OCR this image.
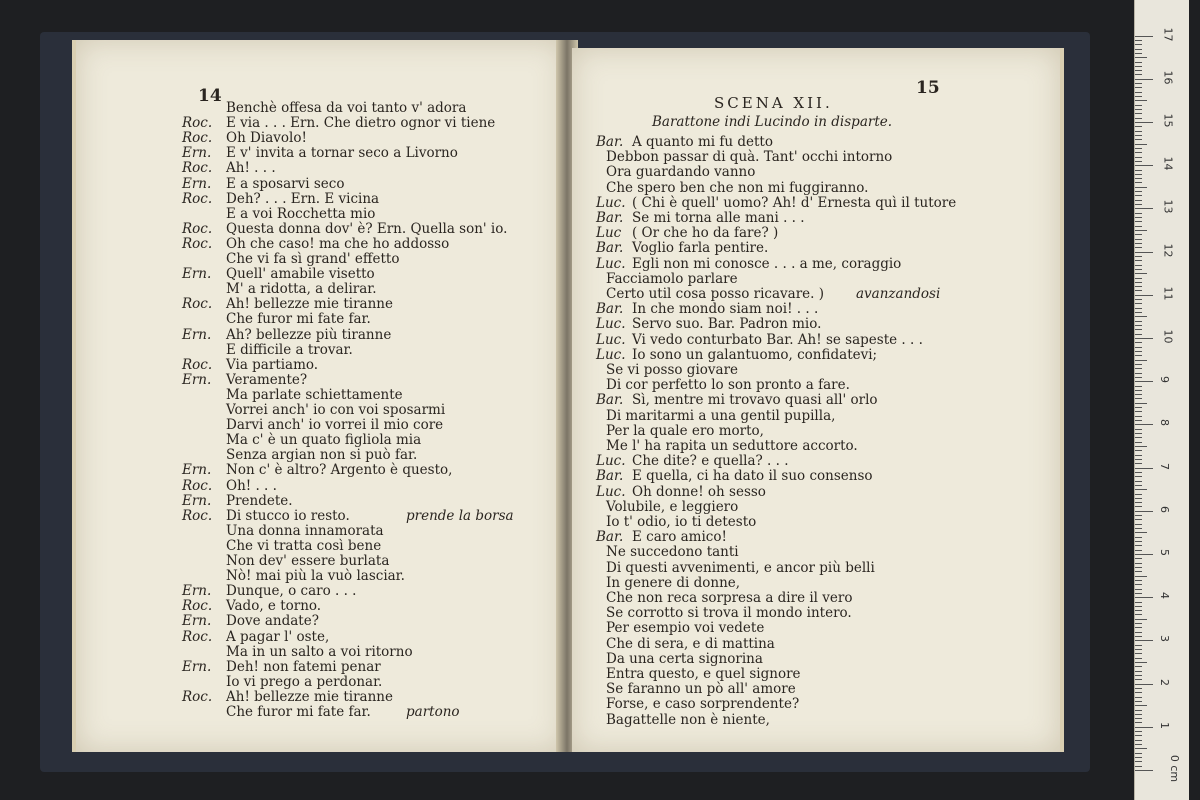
14
Benchè offesa da voi tanto v' adora
Roc. E via . . . Ern. Che dietro ognor vi tiene
Roc. Oh Diavolo!
Ern. E v' invita a tornar seco a Livorno
Roc. Ah! . . .
Ern. E a sposarvi seco
Roc. Deh? . . . Ern. E vicina
E a voi Rocchetta mio
Roc. Questa donna dov' è? Ern. Quella son' io.
Roc. Oh che caso! ma che ho addosso
Che vi fa sì grand' effetto
Ern. Quell' amabile visetto
M' a ridotta, a delirar.
Roc. Ah! bellezze mie tiranne
Che furor mi fate far.
Ern. Ah? bellezze più tiranne
E difficile a trovar.
Roc. Via partiamo.
Ern. Veramente?
Ma parlate schiettamente
Vorrei anch' io con voi sposarmi
Darvi anch' io vorrei il mio core
Ma c' è un quato figliola mia
Senza argian non si può far.
Ern. Non c' è altro? Argento è questo,
Roc. Oh! . . .
Ern. Prendete.
Roc. Di stucco io resto.	prende la borsa
Una donna innamorata
Che vi tratta così bene
Non dev' essere burlata
Nò! mai più la vuò lasciar.
Ern. Dunque, o caro . . .
Roc. Vado, e torno.
Ern. Dove andate?
Roc. A pagar l' oste,
Ma in un salto a voi ritorno
Ern. Deh! non fatemi penar
Io vi prego a perdonar.
Roc. Ah! bellezze mie tiranne
Che furor mi fate far.	partono
15
SCENA XII.
Barattone indi Lucindo in disparte.
Bar. A quanto mi fu detto
Debbon passar di quà. Tant' occhi intorno
Ora guardando vanno
Che spero ben che non mi fuggiranno.
Luc. ( Chi è quell' uomo? Ah! d' Ernesta quì il tutore
Bar. Se mi torna alle mani . . .
Luc ( Or che ho da fare? )
Bar. Voglio farla pentire.
Luc. Egli non mi conosce . . . a me, coraggio
Facciamolo parlare
Certo util cosa posso ricavare. ) avanzandosi
Bar. In che mondo siam noi! . . .
Luc. Servo suo. Bar. Padron mio.
Luc. Vi vedo conturbato Bar. Ah! se sapeste . . .
Luc. Io sono un galantuomo, confidatevi;
Se vi posso giovare
Di cor perfetto lo son pronto a fare.
Bar. Sì, mentre mi trovavo quasi all' orlo
Di maritarmi a una gentil pupilla,
Per la quale ero morto,
Me l' ha rapita un seduttore accorto.
Luc. Che dite? e quella? . . .
Bar. E quella, ci ha dato il suo consenso
Luc. Oh donne! oh sesso
Volubile, e leggiero
Io t' odio, io ti detesto
Bar. E caro amico!
Ne succedono tanti
Di questi avvenimenti, e ancor più belli
In genere di donne,
Che non reca sorpresa a dire il vero
Se corrotto si trova il mondo intero.
Per esempio voi vedete
Che di sera, e di mattina
Da una certa signorina
Entra questo, e quel signore
Se faranno un pò all' amore
Forse, e caso sorprendente?
Bagattelle non è niente,
0 cm
1
2
3
4
5
6
7
8
9
10
11
12
13
14
15
16
17
